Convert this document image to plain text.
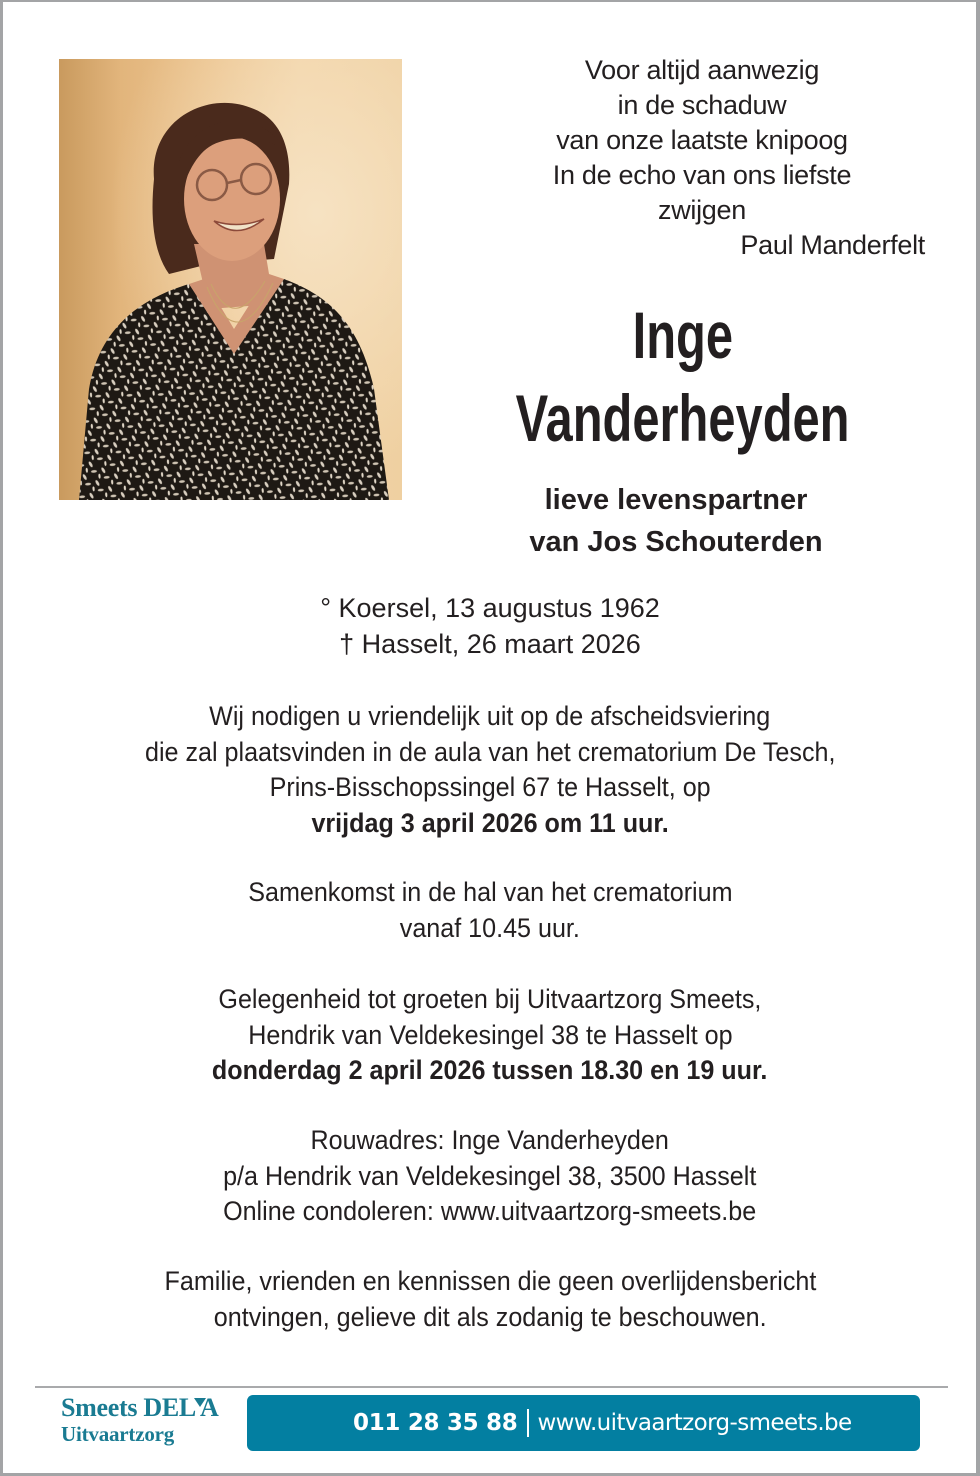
Voor altijd aanwezig
in de schaduw
van onze laatste knipoog
In de echo van ons liefste
zwijgen
Paul Manderfelt
Inge
Vanderheyden
lieve levenspartner
van Jos Schouterden
° Koersel, 13 augustus 1962
† Hasselt, 26 maart 2026
Wij nodigen u vriendelijk uit op de afscheidsviering
die zal plaatsvinden in de aula van het crematorium De Tesch,
Prins-Bisschopssingel 67 te Hasselt, op
vrijdag 3 april 2026 om 11 uur.
Samenkomst in de hal van het crematorium
vanaf 10.45 uur.
Gelegenheid tot groeten bij Uitvaartzorg Smeets,
Hendrik van Veldekesingel 38 te Hasselt op
donderdag 2 april 2026 tussen 18.30 en 19 uur.
Rouwadres: Inge Vanderheyden
p/a Hendrik van Veldekesingel 38, 3500 Hasselt
Online condoleren: www.uitvaartzorg-smeets.be
Familie, vrienden en kennissen die geen overlijdensbericht
ontvingen, gelieve dit als zodanig te beschouwen.
Smeets DEL A
Uitvaartzorg	011 28 35 88 www.uitvaartzorg-smeets.be
